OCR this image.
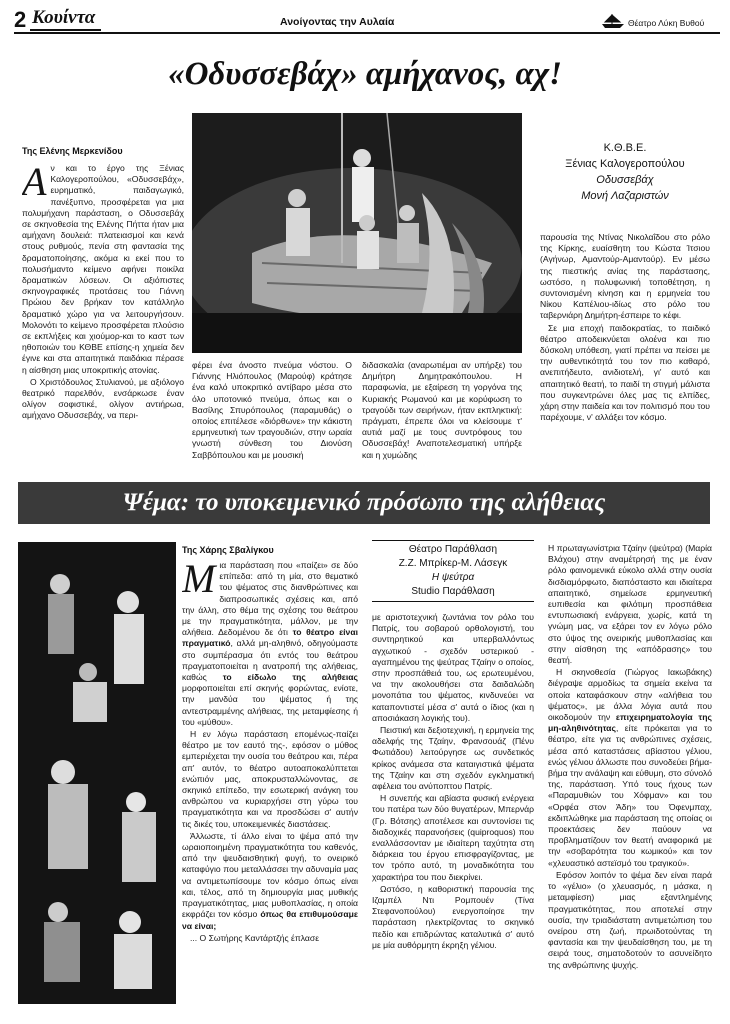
2 Κουίντα	Ανοίγοντας την Αυλαία	Θέατρο Λύκη Βυθού
«Οδυσσεβάχ» αμήχανος, αχ!
Της Ελένης Μερκενίδου	Κ.Θ.Β.Ε.
Ξένιας Καλογεροπούλου
Οδυσσεβάχ
Μονή Λαζαριστών

Αν και το έργο της Ξένιας Καλογεροπούλου, «Οδυσσεβάχ», ευρηματικό, παιδαγωγικό, πανέξυπνο, προσφέρεται για μια πολυμήχανη παράσταση, ο Οδυσσεβάχ σε σκηνοθεσία της Ελένης Πήττα ήταν μια αμήχανη δουλειά: πλατειασμοί και κενά στους ρυθμούς, πενία στη φαντασία της δραματοποίησης, ακόμα κι εκεί που το πολυσήμαντο κείμενο αφήνει ποικίλα δραματικών λύσεων. Οι αξιόπιστες σκηνογραφικές προτάσεις του Γιάννη Πρώιου δεν βρήκαν τον κατάλληλο δραματικό χώρο για να λειτουργήσουν. Μολονότι το κείμενο προσφέρεται πλούσιο σε εκπλήξεις και χιούμορ-και το καστ των ηθοποιών του ΚΘΒΕ επίσης-η χημεία δεν έγινε και στα απαιτητικά παιδάκια πέρασε η αίσθηση μιας υποκριτικής ατονίας.

Ο Χριστόδουλος Στυλιανού, με αξιόλογο θεατρικό παρελθόν, ενσάρκωσε έναν ολίγον σοφιστικέ, ολίγον αντιήρωα, αμήχανο Οδυσσεβάχ, να περι-

φέρει ένα άνοστο πνεύμα νόστου. Ο Γιάννης Ηλιόπουλος (Μαρούφ) κράτησε ένα καλό υποκριτικό αντίβαρο μέσα στο όλο υποτονικό πνεύμα, όπως και ο Βασίλης Σπυρόπουλος (παραμυθάς) ο οποίος επιτέλεσε «διόρθωνε» την κάκιστη ερμηνευτική των τραγουδιών, στην ωραία γνωστή σύνθεση του Διονύση Σαββόπουλου και με μουσική

διδασκαλία (αναρωτιέμαι αν υπήρξε) του Δημήτρη Δημητρακόπουλου. Η παραφωνία, με εξαίρεση τη γοργόνα της Κυριακής Ρωμανού και με κορύφωση το τραγούδι των σειρήνων, ήταν εκπληκτική: πράγματι, έπρεπε όλοι να κλείσουμε τ' αυτιά μαζί με τους συντρόφους του Οδυσσεβάχ! Αναποτελεσματική υπήρξε και η χυμώδης

παρουσία της Ντίνας Νικολαΐδου στο ρόλο της Κίρκης, ευαίσθητη του Κώστα Ίτσιου (Αγήνωρ, Αμαντούρ-Αμαντούρ). Εν μέσω της πιεστικής ανίας της παράστασης, ωστόσο, η πολυφωνική τοποθέτηση, η συντονισμένη κίνηση και η ερμηνεία του Νίκου Καπέλιου-ιδίως στο ρόλο του ταβερνιάρη Δημήτρη-έσπειρε το κέφι.

Σε μια εποχή παιδοκρατίας, το παιδικό θέατρο αποδεικνύεται ολοένα και πιο δύσκολη υπόθεση, γιατί πρέπει να πείσει με την αυθεντικότητά του τον πιο καθαρό, ανεπιτήδευτο, ανιδιοτελή, γι' αυτό και απαιτητικό θεατή, το παιδί τη στιγμή μάλιστα που συγκεντρώνει όλες μας τις ελπίδες, χάρη στην παιδεία και τον πολιτισμό που του παρέχουμε, ν' αλλάξει τον κόσμο.

Ψέμα: το υποκειμενικό πρόσωπο της αλήθειας
Της Χάρης Σβαλίγκου	Θέατρο Παράθλαση
Ζ.Ζ. Μπρίκερ-Μ. Λάσεγκ
Η ψεύτρα
Studio Παράθλαση

Μια παράσταση που «παίζει» σε δύο επίπεδα: από τη μία, στο θεματικό του ψέματος στις διανθρώπινες και διαπροσωπικές σχέσεις και, από την άλλη, στο θέμα της σχέσης του θεάτρου με την πραγματικότητα, μάλλον, με την αλήθεια. Δεδομένου δε ότι το θέατρο είναι πραγματικό, αλλά μη-αληθινό, οδηγούμαστε στο συμπέρασμα ότι εντός του θεάτρου πραγματοποιείται η ανατροπή της αλήθειας, καθώς το είδωλο της αλήθειας μορφοποιείται επί σκηνής φορώντας, ενίοτε, την μανδύα του ψέματος ή της αντεστραμμένης αλήθειας, της μεταμφίεσης ή του «μύθου».

Η εν λόγω παράσταση επομένως-παίζει θέατρο με τον εαυτό της-, εφόσον ο μύθος εμπεριέχεται την ουσία του θεάτρου και, πέρα απ' αυτόν, το θέατρο αυτοαποκαλύπτεται ενώπιόν μας, αποκρυσταλλώνοντας, σε σκηνικό επίπεδο, την εσωτερική ανάγκη του ανθρώπου να κυριαρχήσει στη γύρω του πραγματικότητα και να προσδώσει σ' αυτήν τις δικές του, υποκειμενικές διαστάσεις.

Άλλωστε, τί άλλο είναι το ψέμα από την ωραιοποιημένη πραγματικότητα του καθενός, από την ψευδαισθητική φυγή, το ονειρικό καταφύγιο που μεταλλάσσει την αδυναμία μας να αντιμετωπίσουμε τον κόσμο όπως είναι και, τέλος, από τη δημιουργία μιας μυθικής πραγματικότητας, μιας μυθοπλασίας, η οποία εκφράζει τον κόσμο όπως θα επιθυμούσαμε να είναι;

... Ο Σωτήρης Καντάρτζής έπλασε

με αριστοτεχνική ζωντάνια τον ρόλο του Πατρίς, του σοβαρού ορθολογιστή, του συντηρητικού και υπερβαλλόντως αγχωτικού - σχεδόν υστερικού - αγαπημένου της ψεύτρας Τζαίην ο οποίος, στην προσπάθειά του, ως ερωτευμένου, να την ακολουθήσει στα δαιδαλώδη μονοπάτια του ψέματος, κινδυνεύει να καταποντιστεί μέσα σ' αυτά ο ίδιος (και η αποσιάκαση λογικής του).

Πειστική και δεξιοτεχνική, η ερμηνεία της αδελφής της Τζαίην, Φρανσουάζ (Πένυ Φωτιάδου) λειτούργησε ως συνδετικός κρίκος ανάμεσα στα καταιγιστικά ψέματα της Τζαίην και στη σχεδόν εγκληματική αφέλεια του ανύποπτου Πατρίς.

Η συνεπής και αβίαστα φυσική ενέργεια του πατέρα των δύο θυγατέρων, Μπερνάρ (Γρ. Βότσης) αποτέλεσε και συντονίσει τις διαδοχικές παρανοήσεις (quiproquos) που εναλλάσσονταν με ιδιαίτερη ταχύτητα στη διάρκεια του έργου επισφραγίζοντας, με τον τρόπο αυτό, τη μοναδικότητα του χαρακτήρα του που διεκρίνει.

Ωστόσο, η καθοριστική παρουσία της Ιζαμπέλ Ντι Ρομπουέν (Τίνα Στεφανοπούλου) ενεργοποίησε την παράσταση ηλεκτρίζοντας το σκηνικό πεδίο και επιδρώντας καταλυτικά σ' αυτό με μία αυθόρμητη έκρηξη γέλιου.

Η πρωταγωνίστρια Τζαίην (ψεύτρα) (Μαρία Βλάχου) στην αναμέτρησή της με έναν ρόλο φαινομενικά εύκολο αλλά στην ουσία δισδιαμόρφωτο, διαπόσταστο και ιδιαίτερα απαιτητικό, σημείωσε ερμηνευτική ευπιθεσία και φιλότιμη προσπάθεια εντυπωσιακή ενάργεια, χωρίς, κατά τη γνώμη μας, να εξάρει τον εν λόγω ρόλο στο ύψος της ονειρικής μυθοπλασίας και στην αίσθηση της «απόδρασης» του θεατή.

Η σκηνοθεσία (Γιώργος Ιακωβάκης) διέγραψε αρμοδίως τα σημεία εκείνα τα οποία καταφάσκουν στην «αλήθεια του ψέματος», με άλλα λόγια αυτά που οικοδομούν την επιχειρηματολογία της μη-αληθινότητας, είτε πρόκειται για το θέατρο, είτε για τις ανθρώπινες σχέσεις, μέσα από καταστάσεις αβίαστου γέλιου, ενώς γέλιου άλλωστε που συνοδεύει βήμα-βήμα την ανάλαψη και εύθυμη, στο σύνολό της, παράσταση. Υπό τους ήχους των «Παραμυθιών του Χόφμαν» και του «Ορφέα στον Άδη» του Όφενμπαχ, εκδιπλώθηκε μια παράσταση της οποίας οι προεκτάσεις δεν παύουν να προβληματίζουν τον θεατή αναφορικά με την «σοβαρότητα του κωμικού» και τον «χλευαστικό αστεϊσμό του τραγικού».

Εφόσον λοιπόν το ψέμα δεν είναι παρά το «γέλιο» (ο χλευασμός, η μάσκα, η μεταμφίεση) μιας εξαντλημένης πραγματικότητας, που αποτελεί στην ουσία, την τριαδιάστατη αντιμετώπιση του ονείρου στη ζωή, πρωιδοτούντας τη φαντασία και την ψευδαίσθηση του, με τη σειρά τους, σηματοδοτούν το ασυνείδητο της ανθρώπινης ψυχής.
